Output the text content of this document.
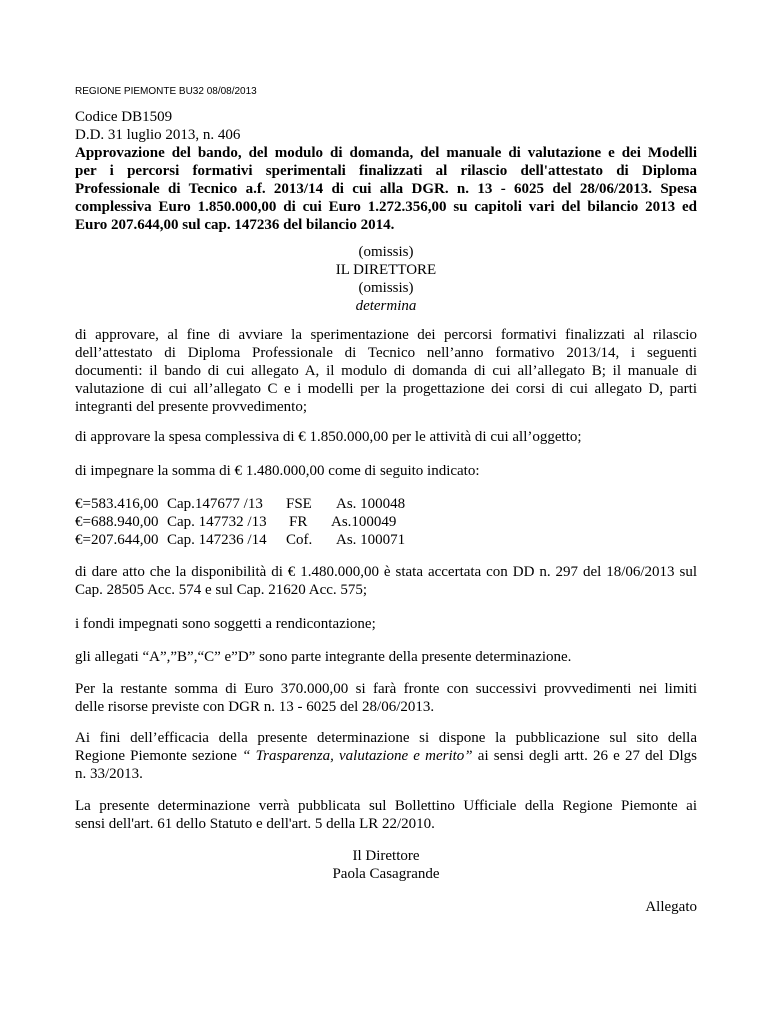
REGIONE PIEMONTE BU32 08/08/2013
Codice DB1509
D.D. 31 luglio 2013, n. 406
Approvazione del bando, del modulo di domanda, del manuale di valutazione e dei Modelli
per i percorsi formativi sperimentali finalizzati al rilascio dell'attestato di Diploma
Professionale di Tecnico a.f. 2013/14 di cui alla DGR. n. 13 - 6025 del 28/06/2013. Spesa
complessiva Euro 1.850.000,00 di cui Euro 1.272.356,00 su capitoli vari del bilancio 2013 ed
Euro 207.644,00 sul cap. 147236 del bilancio 2014.
(omissis)
IL DIRETTORE
(omissis)
determina
di approvare, al fine di avviare la sperimentazione dei percorsi formativi finalizzati al rilascio
dell’attestato di Diploma Professionale di Tecnico nell’anno formativo 2013/14, i seguenti
documenti: il bando di cui allegato A, il modulo di domanda di cui all’allegato B; il manuale di
valutazione di cui all’allegato C e i modelli per la progettazione dei corsi di cui allegato D, parti
integranti del presente provvedimento;
di approvare la spesa complessiva di € 1.850.000,00 per le attività di cui all’oggetto;
di impegnare la somma di € 1.480.000,00 come di seguito indicato:
€=583.416,00 Cap.147677 /13 FSE As. 100048
€=688.940,00 Cap. 147732 /13 FR As.100049
€=207.644,00 Cap. 147236 /14 Cof. As. 100071
di dare atto che la disponibilità di € 1.480.000,00 è stata accertata con DD n. 297 del 18/06/2013 sul
Cap. 28505 Acc. 574 e sul Cap. 21620 Acc. 575;
i fondi impegnati sono soggetti a rendicontazione;
gli allegati “A”,”B”,“C” e”D” sono parte integrante della presente determinazione.
Per la restante somma di Euro 370.000,00 si farà fronte con successivi provvedimenti nei limiti
delle risorse previste con DGR n. 13 - 6025 del 28/06/2013.
Ai fini dell’efficacia della presente determinazione si dispone la pubblicazione sul sito della
Regione Piemonte sezione “ Trasparenza, valutazione e merito” ai sensi degli artt. 26 e 27 del Dlgs
n. 33/2013.
La presente determinazione verrà pubblicata sul Bollettino Ufficiale della Regione Piemonte ai
sensi dell'art. 61 dello Statuto e dell'art. 5 della LR 22/2010.
Il Direttore
Paola Casagrande
Allegato
